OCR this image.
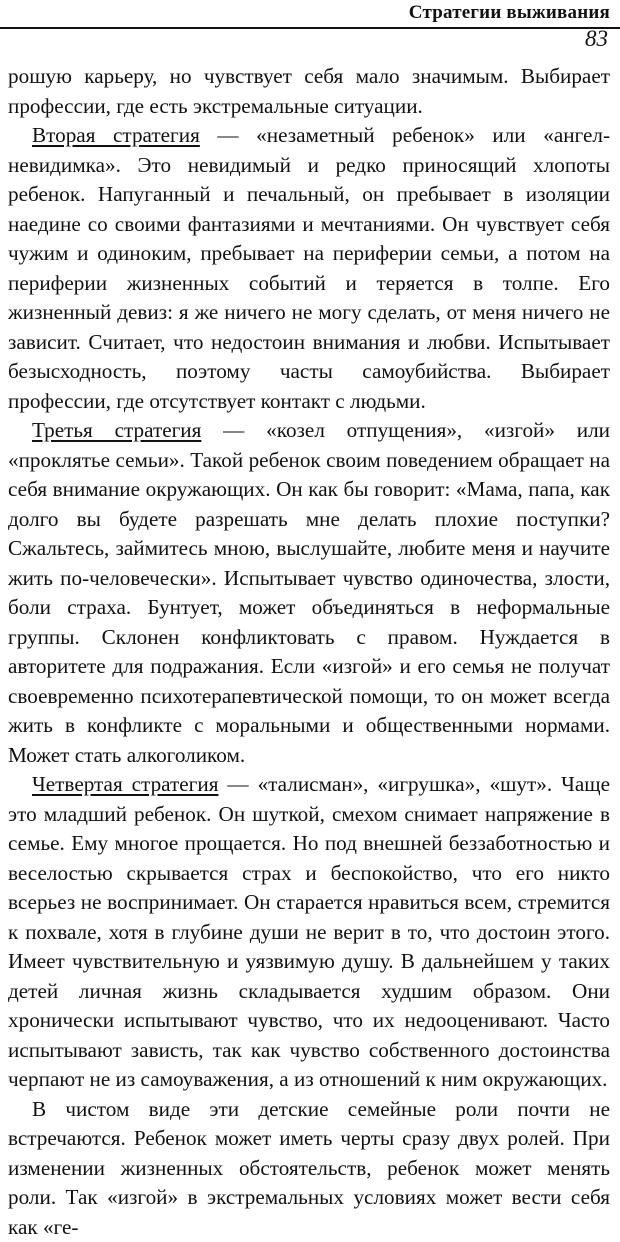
Стратегии выживания
83

рошую карьеру, но чувствует себя мало значимым. Выбирает профессии, где есть экстремальные ситуации.

Вторая стратегия — «незаметный ребенок» или «ангел-невидимка». Это невидимый и редко приносящий хлопоты ребенок. Напуганный и печальный, он пребывает в изоляции наедине со своими фантазиями и мечтаниями. Он чувствует себя чужим и одиноким, пребывает на периферии семьи, а потом на периферии жизненных событий и теряется в толпе. Его жизненный девиз: я же ничего не могу сделать, от меня ничего не зависит. Считает, что недостоин внимания и любви. Испытывает безысходность, поэтому часты самоубийства. Выбирает профессии, где отсутствует контакт с людьми.

Третья стратегия — «козел отпущения», «изгой» или «проклятье семьи». Такой ребенок своим поведением обращает на себя внимание окружающих. Он как бы говорит: «Мама, папа, как долго вы будете разрешать мне делать плохие поступки? Сжальтесь, займитесь мною, выслушайте, любите меня и научите жить по-человечески». Испытывает чувство одиночества, злости, боли страха. Бунтует, может объединяться в неформальные группы. Склонен конфликтовать с правом. Нуждается в авторитете для подражания. Если «изгой» и его семья не получат своевременно психотерапевтической помощи, то он может всегда жить в конфликте с моральными и общественными нормами. Может стать алкоголиком.

Четвертая стратегия — «талисман», «игрушка», «шут». Чаще это младший ребенок. Он шуткой, смехом снимает напряжение в семье. Ему многое прощается. Но под внешней беззаботностью и веселостью скрывается страх и беспокойство, что его никто всерьез не воспринимает. Он старается нравиться всем, стремится к похвале, хотя в глубине души не верит в то, что достоин этого. Имеет чувствительную и уязвимую душу. В дальнейшем у таких детей личная жизнь складывается худшим образом. Они хронически испытывают чувство, что их недооценивают. Часто испытывают зависть, так как чувство собственного достоинства черпают не из самоуважения, а из отношений к ним окружающих.

В чистом виде эти детские семейные роли почти не встречаются. Ребенок может иметь черты сразу двух ролей. При изменении жизненных обстоятельств, ребенок может менять роли. Так «изгой» в экстремальных условиях может вести себя как «ге-
